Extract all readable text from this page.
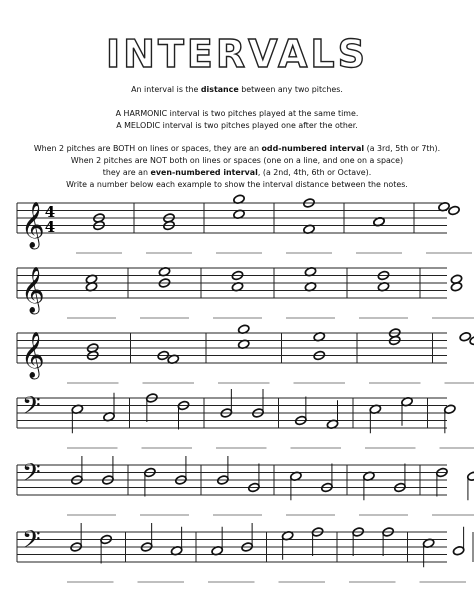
INTERVALS
An interval is the distance between any two pitches.
A HARMONIC interval is two pitches played at the same time.
A MELODIC interval is two pitches played one after the other.
When 2 pitches are BOTH on lines or spaces, they are an odd-numbered interval (a 3rd, 5th or 7th).
When 2 pitches are NOT both on lines or spaces (one on a line, and one on a space)
they are an even-numbered interval, (a 2nd, 4th, 6th or Octave).
Write a number below each example to show the interval distance between the notes.
𝄞 4
4
𝄞
𝄞
𝄢
𝄢
𝄢
